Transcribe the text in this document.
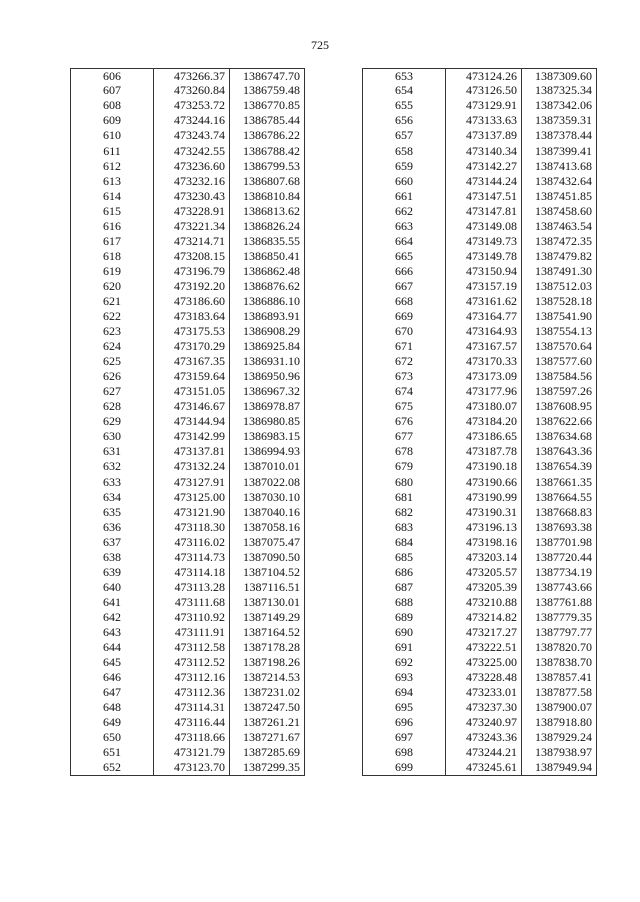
725
606	473266.37	1386747.70
607	473260.84	1386759.48
608	473253.72	1386770.85
609	473244.16	1386785.44
610	473243.74	1386786.22
611	473242.55	1386788.42
612	473236.60	1386799.53
613	473232.16	1386807.68
614	473230.43	1386810.84
615	473228.91	1386813.62
616	473221.34	1386826.24
617	473214.71	1386835.55
618	473208.15	1386850.41
619	473196.79	1386862.48
620	473192.20	1386876.62
621	473186.60	1386886.10
622	473183.64	1386893.91
623	473175.53	1386908.29
624	473170.29	1386925.84
625	473167.35	1386931.10
626	473159.64	1386950.96
627	473151.05	1386967.32
628	473146.67	1386978.87
629	473144.94	1386980.85
630	473142.99	1386983.15
631	473137.81	1386994.93
632	473132.24	1387010.01
633	473127.91	1387022.08
634	473125.00	1387030.10
635	473121.90	1387040.16
636	473118.30	1387058.16
637	473116.02	1387075.47
638	473114.73	1387090.50
639	473114.18	1387104.52
640	473113.28	1387116.51
641	473111.68	1387130.01
642	473110.92	1387149.29
643	473111.91	1387164.52
644	473112.58	1387178.28
645	473112.52	1387198.26
646	473112.16	1387214.53
647	473112.36	1387231.02
648	473114.31	1387247.50
649	473116.44	1387261.21
650	473118.66	1387271.67
651	473121.79	1387285.69
652	473123.70	1387299.35
653	473124.26	1387309.60
654	473126.50	1387325.34
655	473129.91	1387342.06
656	473133.63	1387359.31
657	473137.89	1387378.44
658	473140.34	1387399.41
659	473142.27	1387413.68
660	473144.24	1387432.64
661	473147.51	1387451.85
662	473147.81	1387458.60
663	473149.08	1387463.54
664	473149.73	1387472.35
665	473149.78	1387479.82
666	473150.94	1387491.30
667	473157.19	1387512.03
668	473161.62	1387528.18
669	473164.77	1387541.90
670	473164.93	1387554.13
671	473167.57	1387570.64
672	473170.33	1387577.60
673	473173.09	1387584.56
674	473177.96	1387597.26
675	473180.07	1387608.95
676	473184.20	1387622.66
677	473186.65	1387634.68
678	473187.78	1387643.36
679	473190.18	1387654.39
680	473190.66	1387661.35
681	473190.99	1387664.55
682	473190.31	1387668.83
683	473196.13	1387693.38
684	473198.16	1387701.98
685	473203.14	1387720.44
686	473205.57	1387734.19
687	473205.39	1387743.66
688	473210.88	1387761.88
689	473214.82	1387779.35
690	473217.27	1387797.77
691	473222.51	1387820.70
692	473225.00	1387838.70
693	473228.48	1387857.41
694	473233.01	1387877.58
695	473237.30	1387900.07
696	473240.97	1387918.80
697	473243.36	1387929.24
698	473244.21	1387938.97
699	473245.61	1387949.94
